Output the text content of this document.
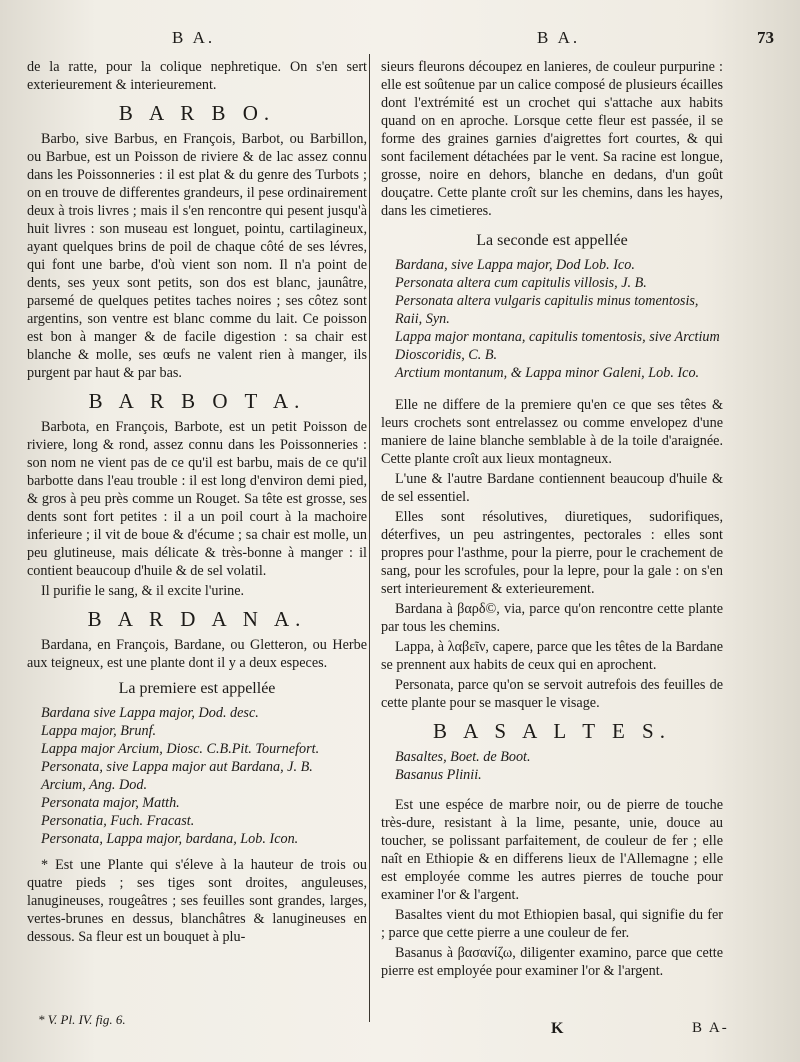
B A.	B A.	73

de la ratte, pour la colique nephretique. On s'en sert exterieurement & interieurement.

B A R B O.

Barbo, sive Barbus, en François, Barbot, ou Barbillon, ou Barbue, est un Poisson de riviere & de lac assez connu dans les Poissonneries : il est plat & du genre des Turbots ; on en trouve de differentes grandeurs, il pese ordinairement deux à trois livres ; mais il s'en rencontre qui pesent jusqu'à huit livres : son museau est longuet, pointu, cartilagineux, ayant quelques brins de poil de chaque côté de ses lévres, qui font une barbe, d'où vient son nom. Il n'a point de dents, ses yeux sont petits, son dos est blanc, jaunâtre, parsemé de quelques petites taches noires ; ses côtez sont argentins, son ventre est blanc comme du lait. Ce poisson est bon à manger & de facile digestion : sa chair est blanche & molle, ses œufs ne valent rien à manger, ils purgent par haut & par bas.

B A R B O T A.

Barbota, en François, Barbote, est un petit Poisson de riviere, long & rond, assez connu dans les Poissonneries : son nom ne vient pas de ce qu'il est barbu, mais de ce qu'il barbotte dans l'eau trouble : il est long d'environ demi pied, & gros à peu près comme un Rouget. Sa tête est grosse, ses dents sont fort petites : il a un poil court à la machoire inferieure ; il vit de boue & d'écume ; sa chair est molle, un peu glutineuse, mais délicate & très-bonne à manger : il contient beaucoup d'huile & de sel volatil.

Il purifie le sang, & il excite l'urine.

B A R D A N A.

Bardana, en François, Bardane, ou Gletteron, ou Herbe aux teigneux, est une plante dont il y a deux especes.

La premiere est appellée
Bardana sive Lappa major, Dod. desc.
Lappa major, Brunf.
Lappa major Arcium, Diosc. C.B.Pit. Tournefort.
Personata, sive Lappa major aut Bardana, J. B.
Arcium, Ang. Dod.
Personata major, Matth.
Personatia, Fuch. Fracast.
Personata, Lappa major, bardana, Lob. Icon.

* Est une Plante qui s'éleve à la hauteur de trois ou quatre pieds ; ses tiges sont droites, anguleuses, lanugineuses, rougeâtres ; ses feuilles sont grandes, larges, vertes-brunes en dessus, blanchâtres & lanugineuses en dessous. Sa fleur est un bouquet à plu-

sieurs fleurons découpez en lanieres, de couleur purpurine : elle est soûtenue par un calice composé de plusieurs écailles dont l'extrémité est un crochet qui s'attache aux habits quand on en aproche. Lorsque cette fleur est passée, il se forme des graines garnies d'aigrettes fort courtes, & qui sont facilement détachées par le vent. Sa racine est longue, grosse, noire en dehors, blanche en dedans, d'un goût douçatre. Cette plante croît sur les chemins, dans les hayes, dans les cimetieres.

La seconde est appellée
Bardana, sive Lappa major, Dod Lob. Ico.
Personata altera cum capitulis villosis, J. B.
Personata altera vulgaris capitulis minus tomentosis, Raii, Syn.
Lappa major montana, capitulis tomentosis, sive Arctium Dioscoridis, C. B.
Arctium montanum, & Lappa minor Galeni, Lob. Ico.

Elle ne differe de la premiere qu'en ce que ses têtes & leurs crochets sont entrelassez ou comme envelopez d'une maniere de laine blanche semblable à de la toile d'araignée. Cette plante croît aux lieux montagneux.

L'une & l'autre Bardane contiennent beaucoup d'huile & de sel essentiel.

Elles sont résolutives, diuretiques, sudorifiques, déterfives, un peu astringentes, pectorales : elles sont propres pour l'asthme, pour la pierre, pour le crachement de sang, pour les scrofules, pour la lepre, pour la gale : on s'en sert interieurement & exterieurement.

Bardana à βαρδ©, via, parce qu'on rencontre cette plante par tous les chemins.

Lappa, à λαβεῖν, capere, parce que les têtes de la Bardane se prennent aux habits de ceux qui en aprochent.

Personata, parce qu'on se servoit autrefois des feuilles de cette plante pour se masquer le visage.

B A S A L T E S.
Basaltes, Boet. de Boot.
Basanus Plinii.

Est une espéce de marbre noir, ou de pierre de touche très-dure, resistant à la lime, pesante, unie, douce au toucher, se polissant parfaitement, de couleur de fer ; elle naît en Ethiopie & en differens lieux de l'Allemagne ; elle est employée comme les autres pierres de touche pour examiner l'or & l'argent.

Basaltes vient du mot Ethiopien basal, qui signifie du fer ; parce que cette pierre a une couleur de fer.

Basanus à βασανίζω, diligenter examino, parce que cette pierre est employée pour examiner l'or & l'argent.

* V. Pl. IV. fig. 6.
K	B A-
